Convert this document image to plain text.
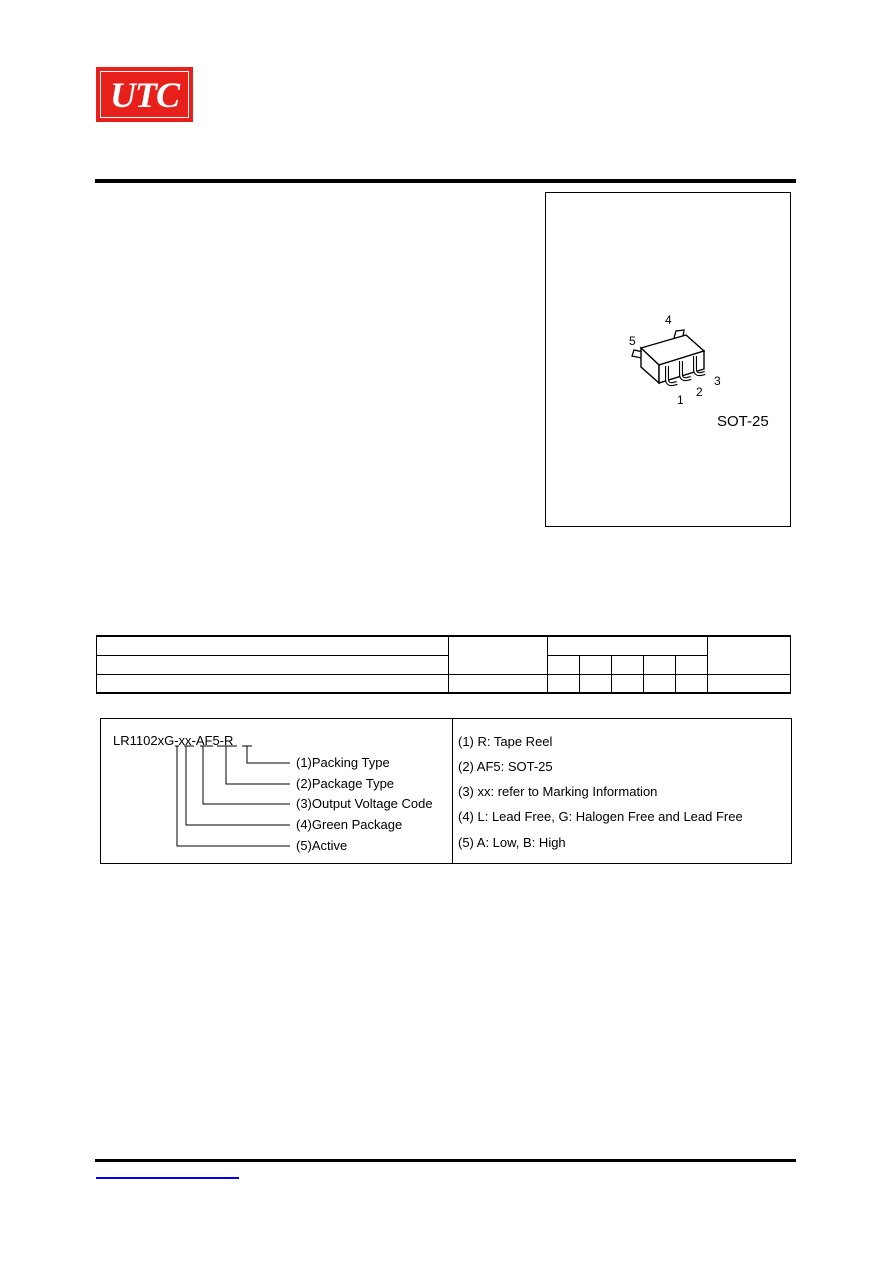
UTC
4
5
1
2
3
SOT-25

LR1102xG-xx-AF5-R
(1)Packing Type
(2)Package Type
(3)Output Voltage Code
(4)Green Package
(5)Active
(1) R: Tape Reel
(2) AF5: SOT-25
(3) xx: refer to Marking Information
(4) L: Lead Free, G: Halogen Free and Lead Free
(5) A: Low, B: High
